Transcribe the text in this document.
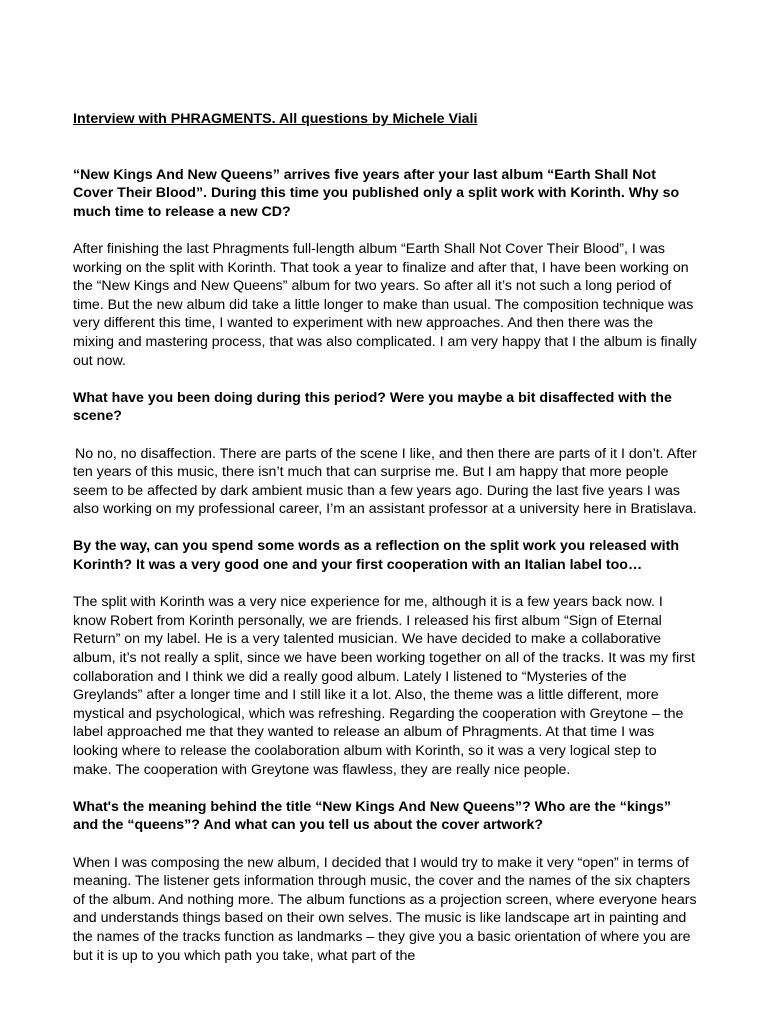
Interview with PHRAGMENTS. All questions by Michele Viali

“New Kings And New Queens” arrives five years after your last album “Earth Shall Not Cover Their Blood”. During this time you published only a split work with Korinth. Why so much time to release a new CD?

After finishing the last Phragments full-length album “Earth Shall Not Cover Their Blood”, I was working on the split with Korinth. That took a year to finalize and after that, I have been working on the “New Kings and New Queens” album for two years. So after all it’s not such a long period of time. But the new album did take a little longer to make than usual. The composition technique was very different this time, I wanted to experiment with new approaches. And then there was the mixing and mastering process, that was also complicated. I am very happy that I the album is finally out now.

What have you been doing during this period? Were you maybe a bit disaffected with the scene?

No no, no disaffection. There are parts of the scene I like, and then there are parts of it I don’t. After ten years of this music, there isn’t much that can surprise me. But I am happy that more people seem to be affected by dark ambient music than a few years ago. During the last five years I was also working on my professional career, I’m an assistant professor at a university here in Bratislava.

By the way, can you spend some words as a reflection on the split work you released with Korinth? It was a very good one and your first cooperation with an Italian label too…

The split with Korinth was a very nice experience for me, although it is a few years back now. I know Robert from Korinth personally, we are friends. I released his first album “Sign of Eternal Return” on my label. He is a very talented musician. We have decided to make a collaborative album, it’s not really a split, since we have been working together on all of the tracks. It was my first collaboration and I think we did a really good album. Lately I listened to “Mysteries of the Greylands” after a longer time and I still like it a lot. Also, the theme was a little different, more mystical and psychological, which was refreshing. Regarding the cooperation with Greytone – the label approached me that they wanted to release an album of Phragments. At that time I was looking where to release the coolaboration album with Korinth, so it was a very logical step to make. The cooperation with Greytone was flawless, they are really nice people.

What's the meaning behind the title “New Kings And New Queens”? Who are the “kings” and the “queens”? And what can you tell us about the cover artwork?

When I was composing the new album, I decided that I would try to make it very “open” in terms of meaning. The listener gets information through music, the cover and the names of the six chapters of the album. And nothing more. The album functions as a projection screen, where everyone hears and understands things based on their own selves. The music is like landscape art in painting and the names of the tracks function as landmarks – they give you a basic orientation of where you are but it is up to you which path you take, what part of the
